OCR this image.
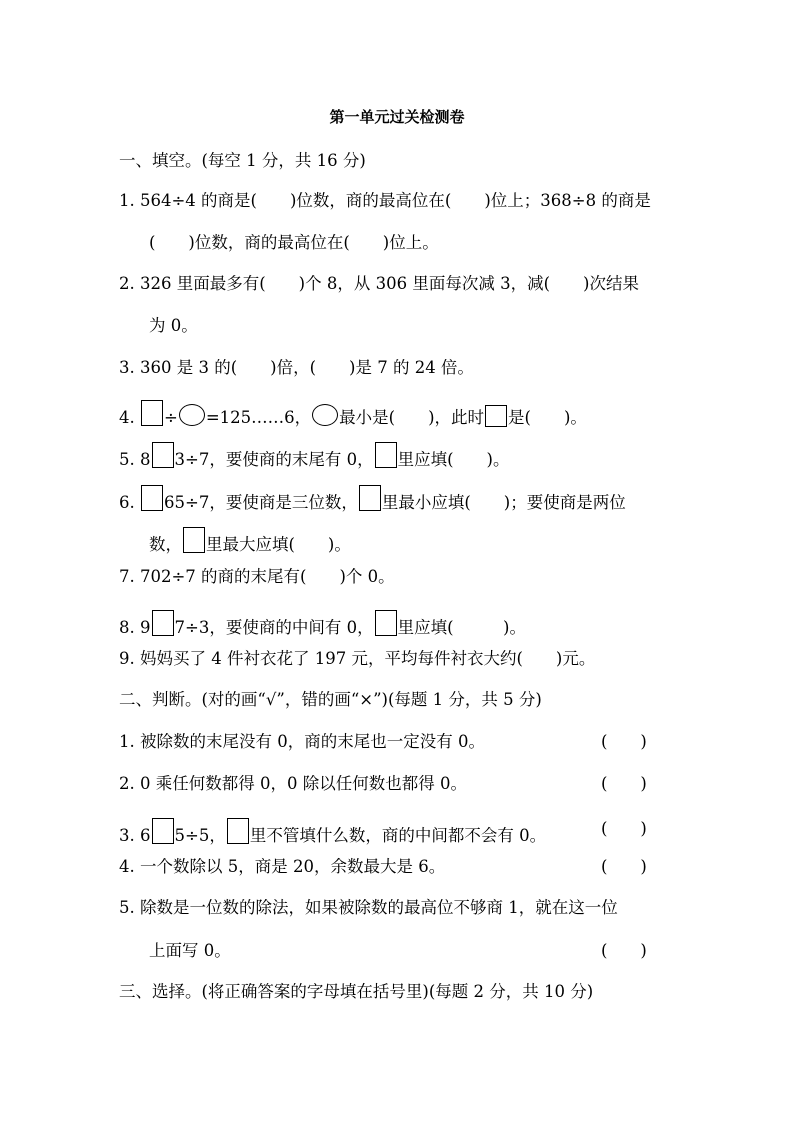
第一单元过关检测卷
一、填空。(每空 1 分，共 16 分)
1. 564÷4 的商是(　　)位数，商的最高位在(　　)位上；368÷8 的商是
(　　)位数，商的最高位在(　　)位上。
2. 326 里面最多有(　　)个 8，从 306 里面每次减 3，减(　　)次结果
为 0。
3. 360 是 3 的(　　)倍，(　　)是 7 的 24 倍。
4. ÷ =125……6， 最小是(　　)，此时 是(　　)。
5. 8 3÷7，要使商的末尾有 0， 里应填(　　)。
6. 65÷7，要使商是三位数， 里最小应填(　　)；要使商是两位
数， 里最大应填(　　)。
7. 702÷7 的商的末尾有(　　)个 0。
8. 9 7÷3，要使商的中间有 0， 里应填(　　　)。
9. 妈妈买了 4 件衬衣花了 197 元，平均每件衬衣大约(　　)元。
二、判断。(对的画“√”，错的画“×”)(每题 1 分，共 5 分)
1. 被除数的末尾没有 0，商的末尾也一定没有 0。	(　　)
2. 0 乘任何数都得 0，0 除以任何数也都得 0。	(　　)
3. 6 5÷5， 里不管填什么数，商的中间都不会有 0。	(　　)
4. 一个数除以 5，商是 20，余数最大是 6。	(　　)
5. 除数是一位数的除法，如果被除数的最高位不够商 1，就在这一位
上面写 0。	(　　)
三、选择。(将正确答案的字母填在括号里)(每题 2 分，共 10 分)
